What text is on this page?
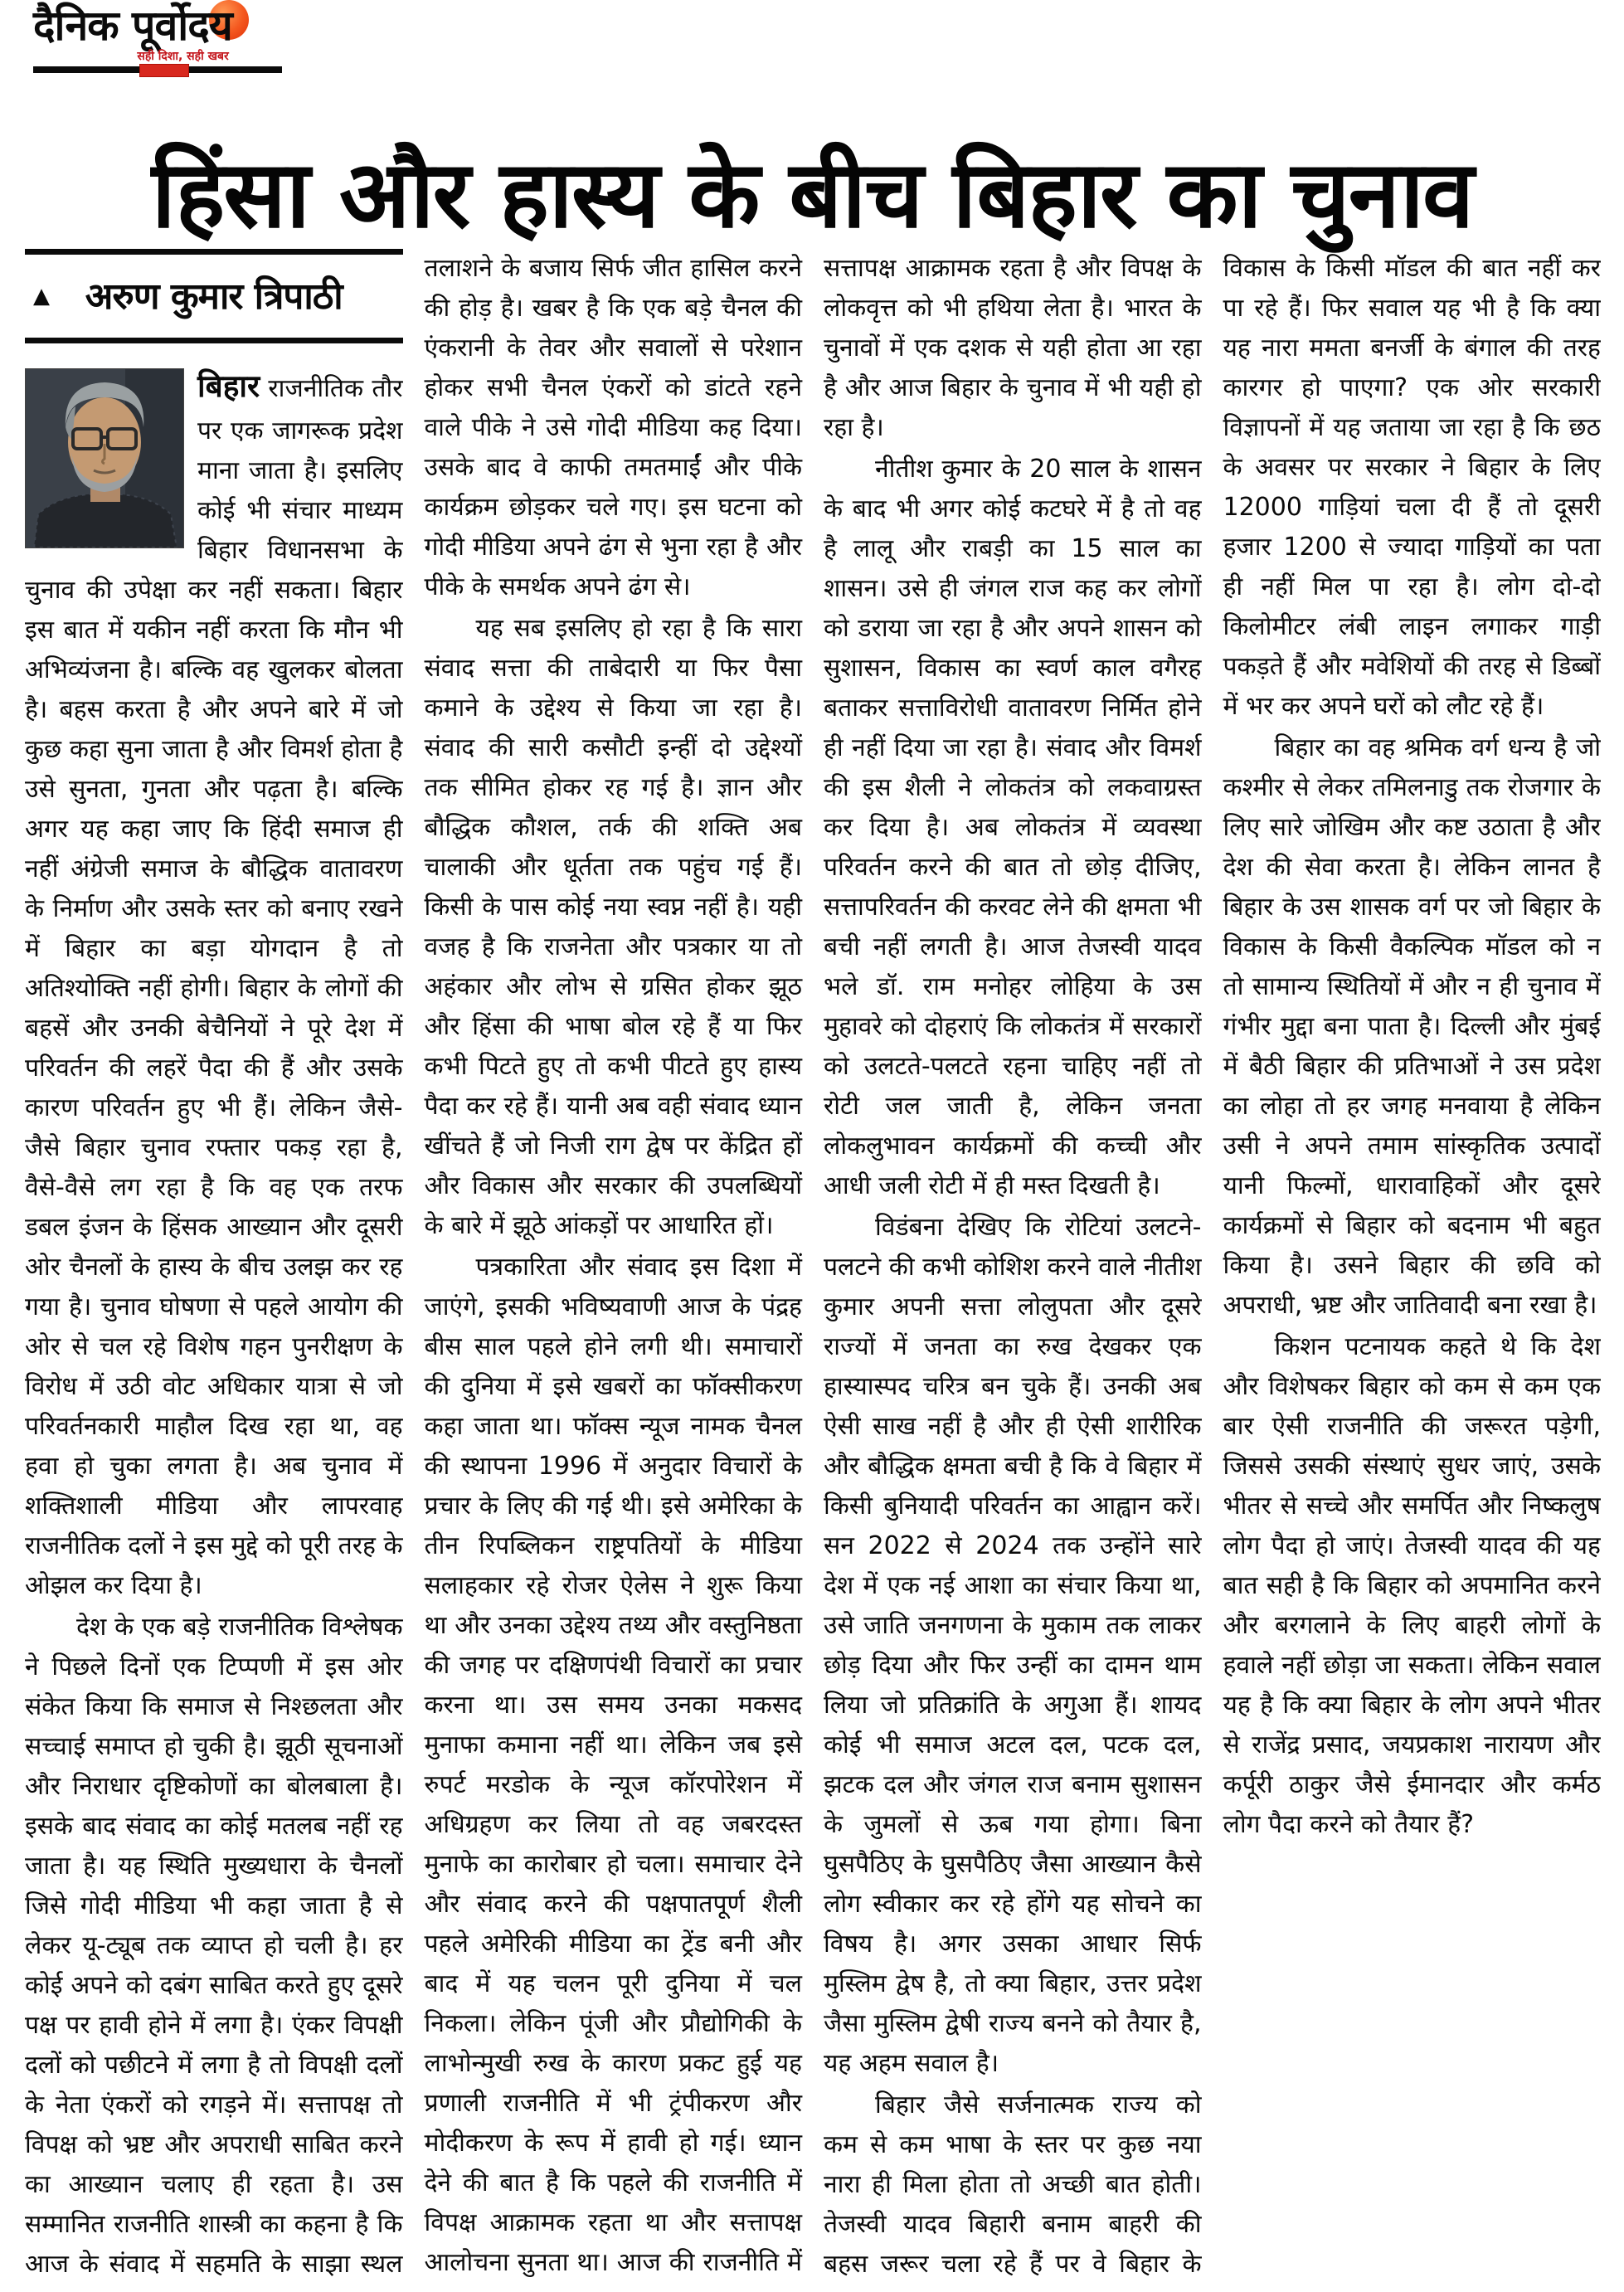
दैनिक पूर्वोदय
सही दिशा, सही खबर
हिंसा और हास्य के बीच बिहार का चुनाव
▲ अरुण कुमार त्रिपाठी

बिहार राजनीतिक तौर पर एक जागरूक प्रदेश माना जाता है। इसलिए कोई भी संचार माध्यम बिहार विधानसभा के चुनाव की उपेक्षा कर नहीं सकता। बिहार इस बात में यकीन नहीं करता कि मौन भी अभिव्यंजना है। बल्कि वह खुलकर बोलता है। बहस करता है और अपने बारे में जो कुछ कहा सुना जाता है और विमर्श होता है उसे सुनता, गुनता और पढ़ता है। बल्कि अगर यह कहा जाए कि हिंदी समाज ही नहीं अंग्रेजी समाज के बौद्धिक वातावरण के निर्माण और उसके स्तर को बनाए रखने में बिहार का बड़ा योगदान है तो अतिश्योक्ति नहीं होगी। बिहार के लोगों की बहसें और उनकी बेचैनियों ने पूरे देश में परिवर्तन की लहरें पैदा की हैं और उसके कारण परिवर्तन हुए भी हैं। लेकिन जैसे-जैसे बिहार चुनाव रफ्तार पकड़ रहा है, वैसे-वैसे लग रहा है कि वह एक तरफ डबल इंजन के हिंसक आख्यान और दूसरी ओर चैनलों के हास्य के बीच उलझ कर रह गया है। चुनाव घोषणा से पहले आयोग की ओर से चल रहे विशेष गहन पुनरीक्षण के विरोध में उठी वोट अधिकार यात्रा से जो परिवर्तनकारी माहौल दिख रहा था, वह हवा हो चुका लगता है। अब चुनाव में शक्तिशाली मीडिया और लापरवाह राजनीतिक दलों ने इस मुद्दे को पूरी तरह के ओझल कर दिया है।

देश के एक बड़े राजनीतिक विश्लेषक ने पिछले दिनों एक टिप्पणी में इस ओर संकेत किया कि समाज से निश्छलता और सच्चाई समाप्त हो चुकी है। झूठी सूचनाओं और निराधार दृष्टिकोणों का बोलबाला है। इसके बाद संवाद का कोई मतलब नहीं रह जाता है। यह स्थिति मुख्यधारा के चैनलों जिसे गोदी मीडिया भी कहा जाता है से लेकर यू-ट्यूब तक व्याप्त हो चली है। हर कोई अपने को दबंग साबित करते हुए दूसरे पक्ष पर हावी होने में लगा है। एंकर विपक्षी दलों को पछीटने में लगा है तो विपक्षी दलों के नेता एंकरों को रगड़ने में। सत्तापक्ष तो विपक्ष को भ्रष्ट और अपराधी साबित करने का आख्यान चलाए ही रहता है। उस सम्मानित राजनीति शास्त्री का कहना है कि आज के संवाद में सहमति के साझा स्थल तलाशने के बजाय सिर्फ जीत हासिल करने की होड़ है। खबर है कि एक बड़े चैनल की एंकरानी के तेवर और सवालों से परेशान होकर सभी चैनल एंकरों को डांटते रहने वाले पीके ने उसे गोदी मीडिया कह दिया। उसके बाद वे काफी तमतमाईं और पीके कार्यक्रम छोड़कर चले गए। इस घटना को गोदी मीडिया अपने ढंग से भुना रहा है और पीके के समर्थक अपने ढंग से।

यह सब इसलिए हो रहा है कि सारा संवाद सत्ता की ताबेदारी या फिर पैसा कमाने के उद्देश्य से किया जा रहा है। संवाद की सारी कसौटी इन्हीं दो उद्देश्यों तक सीमित होकर रह गई है। ज्ञान और बौद्धिक कौशल, तर्क की शक्ति अब चालाकी और धूर्तता तक पहुंच गई हैं। किसी के पास कोई नया स्वप्न नहीं है। यही वजह है कि राजनेता और पत्रकार या तो अहंकार और लोभ से ग्रसित होकर झूठ और हिंसा की भाषा बोल रहे हैं या फिर कभी पिटते हुए तो कभी पीटते हुए हास्य पैदा कर रहे हैं। यानी अब वही संवाद ध्यान खींचते हैं जो निजी राग द्वेष पर केंद्रित हों और विकास और सरकार की उपलब्धियों के बारे में झूठे आंकड़ों पर आधारित हों।

पत्रकारिता और संवाद इस दिशा में जाएंगे, इसकी भविष्यवाणी आज के पंद्रह बीस साल पहले होने लगी थी। समाचारों की दुनिया में इसे खबरों का फॉक्सीकरण कहा जाता था। फॉक्स न्यूज नामक चैनल की स्थापना 1996 में अनुदार विचारों के प्रचार के लिए की गई थी। इसे अमेरिका के तीन रिपब्लिकन राष्ट्रपतियों के मीडिया सलाहकार रहे रोजर ऐलेस ने शुरू किया था और उनका उद्देश्य तथ्य और वस्तुनिष्ठता की जगह पर दक्षिणपंथी विचारों का प्रचार करना था। उस समय उनका मकसद मुनाफा कमाना नहीं था। लेकिन जब इसे रुपर्ट मरडोक के न्यूज कॉरपोरेशन में अधिग्रहण कर लिया तो वह जबरदस्त मुनाफे का कारोबार हो चला। समाचार देने और संवाद करने की पक्षपातपूर्ण शैली पहले अमेरिकी मीडिया का ट्रेंड बनी और बाद में यह चलन पूरी दुनिया में चल निकला। लेकिन पूंजी और प्रौद्योगिकी के लाभोन्मुखी रुख के कारण प्रकट हुई यह प्रणाली राजनीति में भी ट्रंपीकरण और मोदीकरण के रूप में हावी हो गई। ध्यान देने की बात है कि पहले की राजनीति में विपक्ष आक्रामक रहता था और सत्तापक्ष आलोचना सुनता था। आज की राजनीति में सत्तापक्ष आक्रामक रहता है और विपक्ष के लोकवृत्त को भी हथिया लेता है। भारत के चुनावों में एक दशक से यही होता आ रहा है और आज बिहार के चुनाव में भी यही हो रहा है।

नीतीश कुमार के 20 साल के शासन के बाद भी अगर कोई कटघरे में है तो वह है लालू और राबड़ी का 15 साल का शासन। उसे ही जंगल राज कह कर लोगों को डराया जा रहा है और अपने शासन को सुशासन, विकास का स्वर्ण काल वगैरह बताकर सत्ताविरोधी वातावरण निर्मित होने ही नहीं दिया जा रहा है। संवाद और विमर्श की इस शैली ने लोकतंत्र को लकवाग्रस्त कर दिया है। अब लोकतंत्र में व्यवस्था परिवर्तन करने की बात तो छोड़ दीजिए, सत्तापरिवर्तन की करवट लेने की क्षमता भी बची नहीं लगती है। आज तेजस्वी यादव भले डॉ. राम मनोहर लोहिया के उस मुहावरे को दोहराएं कि लोकतंत्र में सरकारों को उलटते-पलटते रहना चाहिए नहीं तो रोटी जल जाती है, लेकिन जनता लोकलुभावन कार्यक्रमों की कच्ची और आधी जली रोटी में ही मस्त दिखती है।

विडंबना देखिए कि रोटियां उलटने-पलटने की कभी कोशिश करने वाले नीतीश कुमार अपनी सत्ता लोलुपता और दूसरे राज्यों में जनता का रुख देखकर एक हास्यास्पद चरित्र बन चुके हैं। उनकी अब ऐसी साख नहीं है और ही ऐसी शारीरिक और बौद्धिक क्षमता बची है कि वे बिहार में किसी बुनियादी परिवर्तन का आह्वान करें। सन 2022 से 2024 तक उन्होंने सारे देश में एक नई आशा का संचार किया था, उसे जाति जनगणना के मुकाम तक लाकर छोड़ दिया और फिर उन्हीं का दामन थाम लिया जो प्रतिक्रांति के अगुआ हैं। शायद कोई भी समाज अटल दल, पटक दल, झटक दल और जंगल राज बनाम सुशासन के जुमलों से ऊब गया होगा। बिना घुसपैठिए के घुसपैठिए जैसा आख्यान कैसे लोग स्वीकार कर रहे होंगे यह सोचने का विषय है। अगर उसका आधार सिर्फ मुस्लिम द्वेष है, तो क्या बिहार, उत्तर प्रदेश जैसा मुस्लिम द्वेषी राज्य बनने को तैयार है, यह अहम सवाल है।

बिहार जैसे सर्जनात्मक राज्य को कम से कम भाषा के स्तर पर कुछ नया नारा ही मिला होता तो अच्छी बात होती। तेजस्वी यादव बिहारी बनाम बाहरी की बहस जरूर चला रहे हैं पर वे बिहार के विकास के किसी मॉडल की बात नहीं कर पा रहे हैं। फिर सवाल यह भी है कि क्या यह नारा ममता बनर्जी के बंगाल की तरह कारगर हो पाएगा? एक ओर सरकारी विज्ञापनों में यह जताया जा रहा है कि छठ के अवसर पर सरकार ने बिहार के लिए 12000 गाड़ियां चला दी हैं तो दूसरी हजार 1200 से ज्यादा गाड़ियों का पता ही नहीं मिल पा रहा है। लोग दो-दो किलोमीटर लंबी लाइन लगाकर गाड़ी पकड़ते हैं और मवेशियों की तरह से डिब्बों में भर कर अपने घरों को लौट रहे हैं।

बिहार का वह श्रमिक वर्ग धन्य है जो कश्मीर से लेकर तमिलनाडु तक रोजगार के लिए सारे जोखिम और कष्ट उठाता है और देश की सेवा करता है। लेकिन लानत है बिहार के उस शासक वर्ग पर जो बिहार के विकास के किसी वैकल्पिक मॉडल को न तो सामान्य स्थितियों में और न ही चुनाव में गंभीर मुद्दा बना पाता है। दिल्ली और मुंबई में बैठी बिहार की प्रतिभाओं ने उस प्रदेश का लोहा तो हर जगह मनवाया है लेकिन उसी ने अपने तमाम सांस्कृतिक उत्पादों यानी फिल्मों, धारावाहिकों और दूसरे कार्यक्रमों से बिहार को बदनाम भी बहुत किया है। उसने बिहार की छवि को अपराधी, भ्रष्ट और जातिवादी बना रखा है।

किशन पटनायक कहते थे कि देश और विशेषकर बिहार को कम से कम एक बार ऐसी राजनीति की जरूरत पड़ेगी, जिससे उसकी संस्थाएं सुधर जाएं, उसके भीतर से सच्चे और समर्पित और निष्कलुष लोग पैदा हो जाएं। तेजस्वी यादव की यह बात सही है कि बिहार को अपमानित करने और बरगलाने के लिए बाहरी लोगों के हवाले नहीं छोड़ा जा सकता। लेकिन सवाल यह है कि क्या बिहार के लोग अपने भीतर से राजेंद्र प्रसाद, जयप्रकाश नारायण और कर्पूरी ठाकुर जैसे ईमानदार और कर्मठ लोग पैदा करने को तैयार हैं?
